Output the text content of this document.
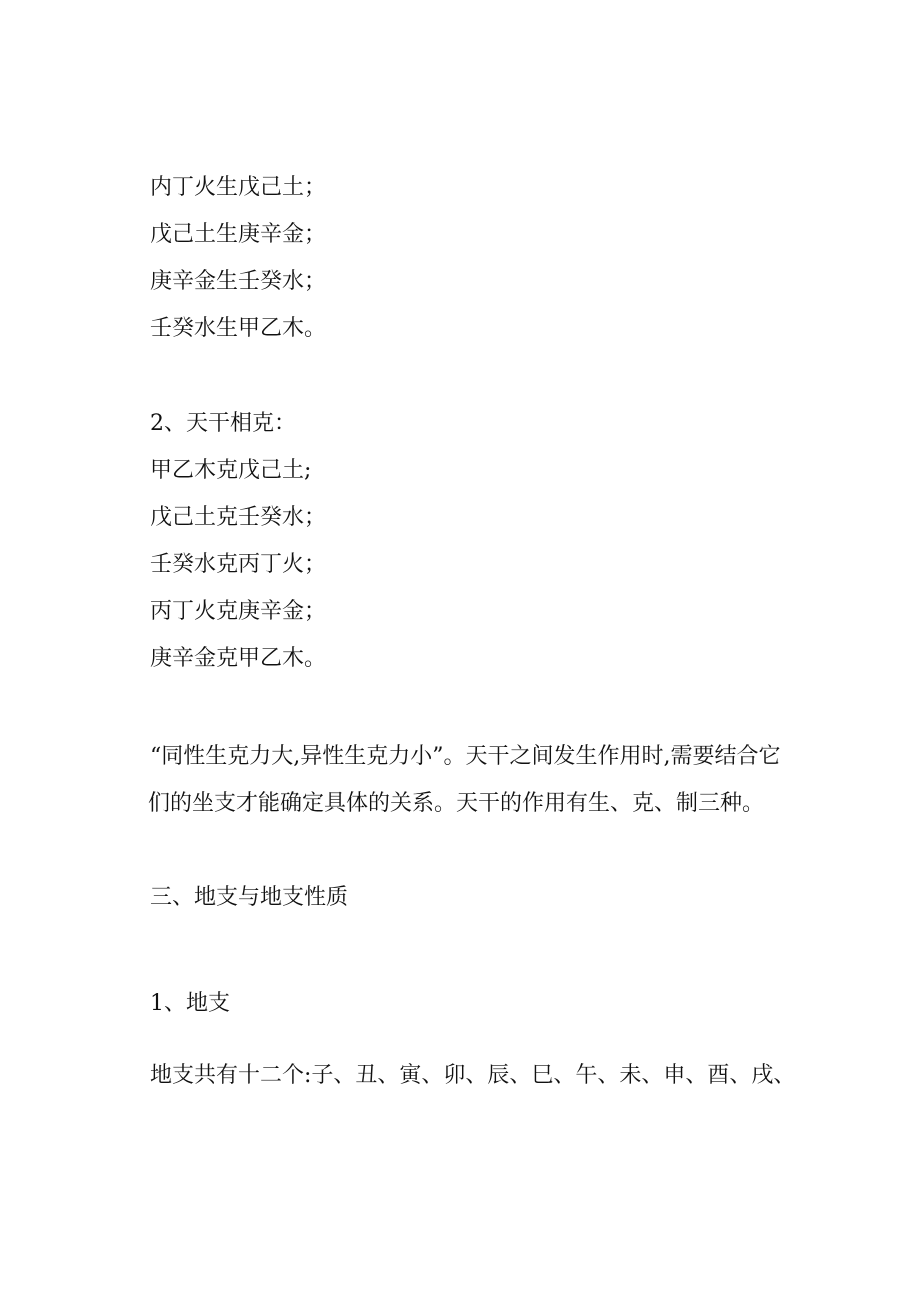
内丁火生戊己土；

戊己土生庚辛金；

庚辛金生壬癸水；

壬癸水生甲乙木。

2、天干相克：

甲乙木克戊己土;

戊己土克壬癸水；

壬癸水克丙丁火；

丙丁火克庚辛金；

庚辛金克甲乙木。

“同性生克力大,异性生克力小”。天干之间发生作用时,需要结合它
们的坐支才能确定具体的关系。天干的作用有生、克、制三种。

三、地支与地支性质

1、地支

地支共有十二个:子、丑、寅、卯、辰、巳、午、未、申、酉、戌、
